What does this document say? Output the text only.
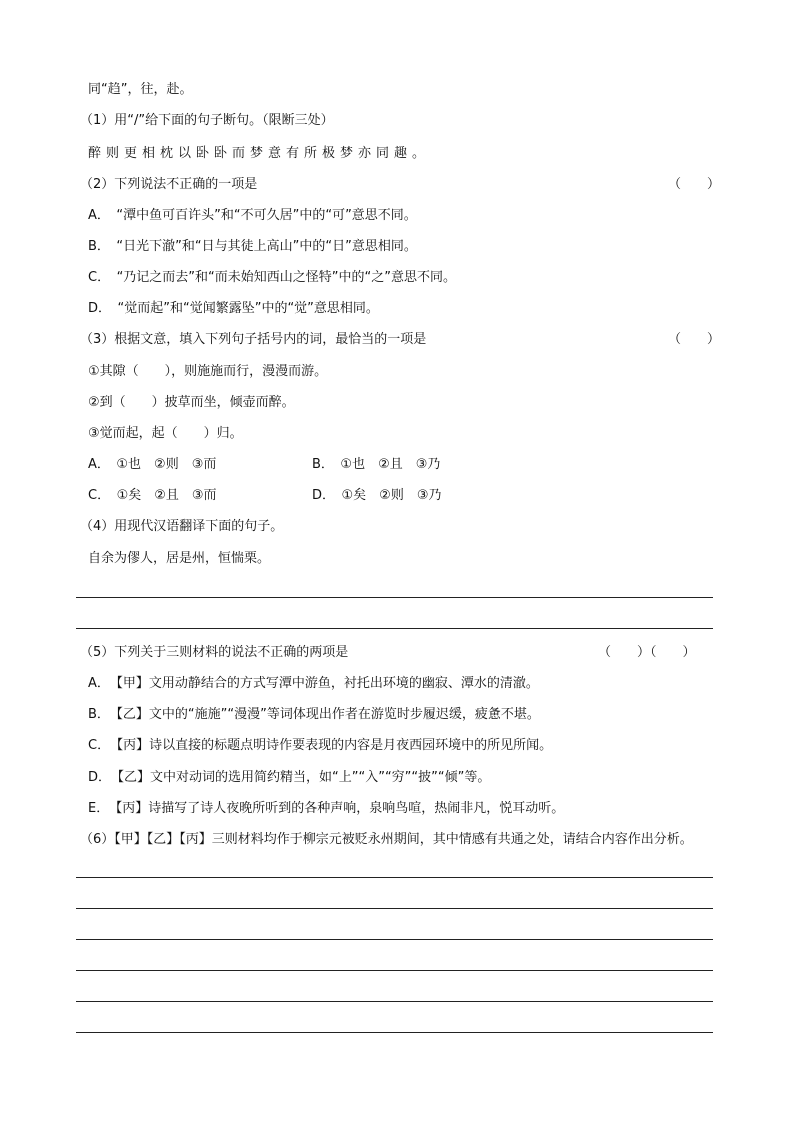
同“趋”，往，赴。
（1）用“/”给下面的句子断句。（限断三处）
醉则更相枕以卧卧而梦意有所极梦亦同趣。
（2）下列说法不正确的一项是	（　　）
A．　“潭中鱼可百许头”和“不可久居”中的“可”意思不同。
B．　“日光下澈”和“日与其徒上高山”中的“日”意思相同。
C．　“乃记之而去”和“而未始知西山之怪特”中的“之”意思不同。
D．　“觉而起”和“觉闻繁露坠”中的“觉”意思相同。
（3）根据文意，填入下列句子括号内的词，最恰当的一项是	（　　）
①其隙（　　），则施施而行，漫漫而游。
②到（　　）披草而坐，倾壶而醉。
③觉而起，起（　　）归。
A．　①也　②则　③而	B．　①也　②且　③乃
C．　①矣　②且　③而	D．　①矣　②则　③乃
（4）用现代汉语翻译下面的句子。
自余为僇人，居是州，恒惴栗。
（5）下列关于三则材料的说法不正确的两项是	（　　）（　　）
A．　【甲】文用动静结合的方式写潭中游鱼，衬托出环境的幽寂、潭水的清澈。
B．　【乙】文中的“施施”“漫漫”等词体现出作者在游览时步履迟缓，疲惫不堪。
C．　【丙】诗以直接的标题点明诗作要表现的内容是月夜西园环境中的所见所闻。
D．　【乙】文中对动词的选用简约精当，如“上”“入”“穷”“披”“倾”等。
E．　【丙】诗描写了诗人夜晚所听到的各种声响，泉响鸟喧，热闹非凡，悦耳动听。
（6）【甲】【乙】【丙】三则材料均作于柳宗元被贬永州期间，其中情感有共通之处，请结合内容作出分析。
